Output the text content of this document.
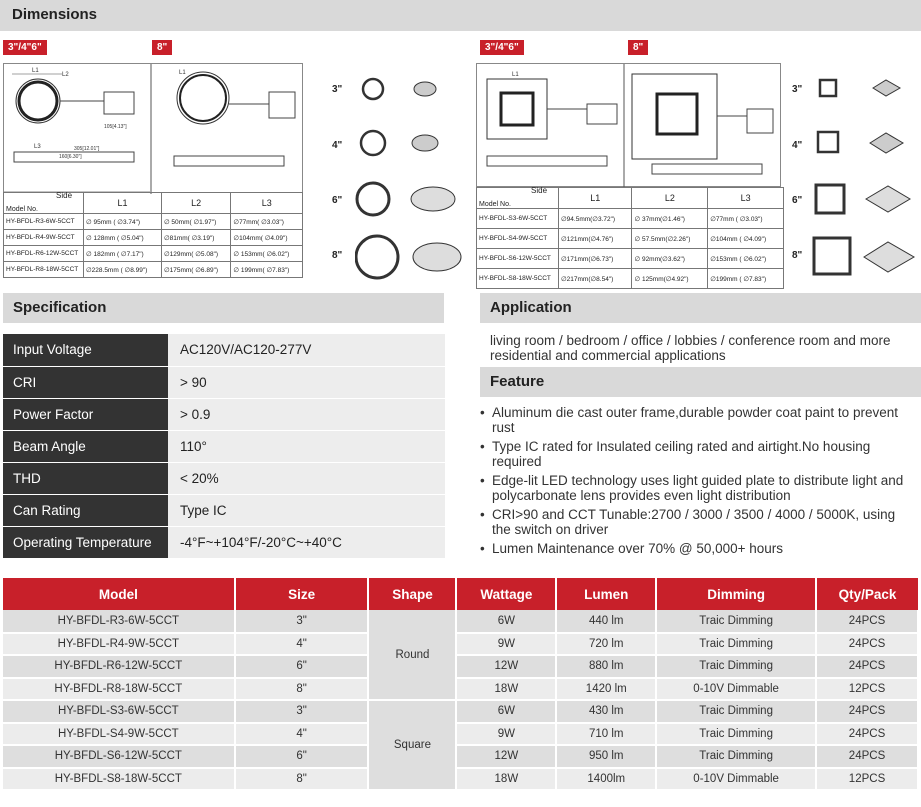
Dimensions
3"/4"6"	8"
L1
L2
105[4.13"]
L3	305[12.01"]
160[6.30"]
L1
Side
Model No.	L1	L2	L3
HY-BFDL-R3-6W-5CCT	∅ 95mm ( ∅3.74")	∅ 50mm( ∅1.97")	∅77mm( ∅3.03")
HY-BFDL-R4-9W-5CCT	∅ 128mm ( ∅5.04")	∅81mm( ∅3.19")	∅104mm( ∅4.09")
HY-BFDL-R6-12W-5CCT	∅ 182mm ( ∅7.17")	∅129mm( ∅5.08")	∅ 153mm( ∅6.02")
HY-BFDL-R8-18W-5CCT	∅228.5mm ( ∅8.99")	∅175mm( ∅6.89")	∅ 199mm( ∅7.83")
3"
4"
6"
8"
3"/4"6"	8"
L1
Side
Model No.	L1	L2	L3
HY-BFDL-S3-6W-5CCT	∅94.5mm(∅3.72")	∅ 37mm(∅1.46")	∅77mm ( ∅3.03")
HY-BFDL-S4-9W-5CCT	∅121mm(∅4.76")	∅ 57.5mm(∅2.26")	∅104mm ( ∅4.09")
HY-BFDL-S6-12W-5CCT	∅171mm(∅6.73")	∅ 92mm(∅3.62")	∅153mm ( ∅6.02")
HY-BFDL-S8-18W-5CCT	∅217mm(∅8.54")	∅ 125mm(∅4.92")	∅199mm ( ∅7.83")
3"
4"
6"
8"
Specification
Input Voltage	AC120V/AC120-277V
CRI	> 90
Power Factor	> 0.9
Beam Angle	110°
THD	< 20%
Can Rating	Type IC
Operating Temperature	-4°F~+104°F/-20°C~+40°C
Application
living room / bedroom / office / lobbies / conference room and more residential and commercial applications
Feature
• Aluminum die cast outer frame,durable powder coat paint to prevent rust
• Type IC rated for Insulated ceiling rated and airtight.No housing required
• Edge-lit LED technology uses light guided plate to distribute light and polycarbonate lens provides even light distribution
• CRI>90 and CCT Tunable:2700 / 3000 / 3500 / 4000 / 5000K, using the switch on driver
• Lumen Maintenance over 70% @ 50,000+ hours
Model	Size	Shape	Wattage	Lumen	Dimming	Qty/Pack
HY-BFDL-R3-6W-5CCT	3"	Round	6W	440 lm	Traic Dimming	24PCS
HY-BFDL-R4-9W-5CCT	4"		9W	720 lm	Traic Dimming	24PCS
HY-BFDL-R6-12W-5CCT	6"		12W	880 lm	Traic Dimming	24PCS
HY-BFDL-R8-18W-5CCT	8"		18W	1420 lm	0-10V Dimmable	12PCS
HY-BFDL-S3-6W-5CCT	3"	Square	6W	430 lm	Traic Dimming	24PCS
HY-BFDL-S4-9W-5CCT	4"		9W	710 lm	Traic Dimming	24PCS
HY-BFDL-S6-12W-5CCT	6"		12W	950 lm	Traic Dimming	24PCS
HY-BFDL-S8-18W-5CCT	8"		18W	1400lm	0-10V Dimmable	12PCS
